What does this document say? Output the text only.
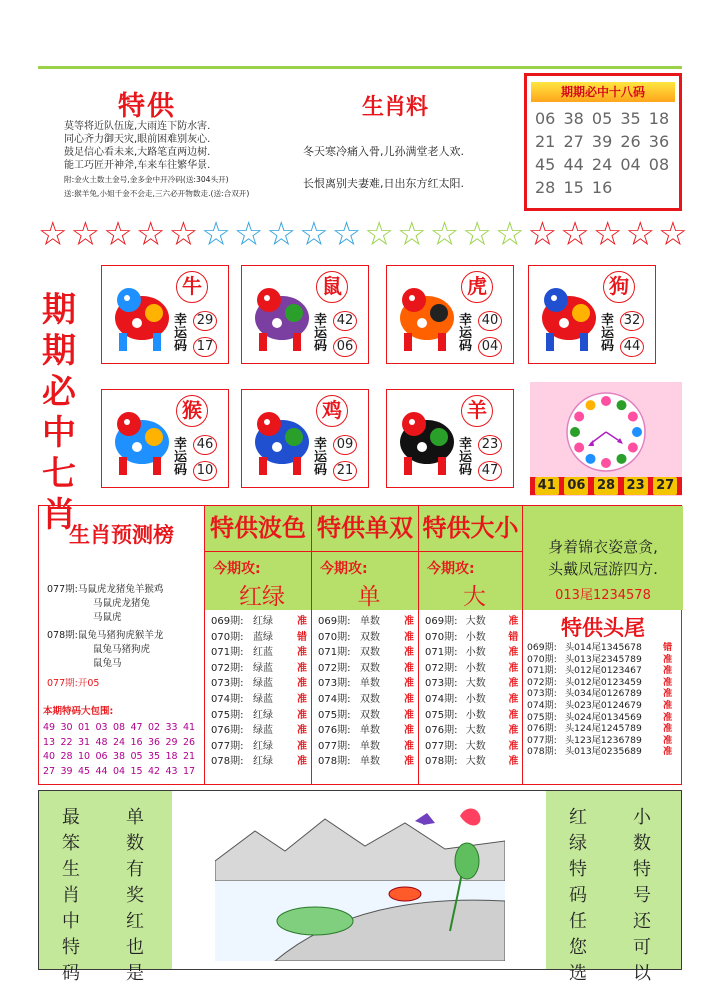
特供
莫等将近队伍庞,大雨连下防水害.
同心齐力御天灾,眼前困难别灰心.
鼓足信心看未来,大路笔直两边树.
能工巧匠开神斧,车来车往繁华景.
附:金火土数土金号,金多金中开冷码(送:304头开)
送:猴羊兔,小姐千金不会走,三六必开物数走.(送:合双开)
生肖料
冬天寒冷痛入骨,儿孙满堂老人欢.
长恨离别夫妻难,日出东方红太阳.
期期必中十八码
06 38 05 35 18
21 27 39 26 36
45 44 24 04 08
28 15 16
☆ ☆ ☆ ☆ ☆ ☆ ☆ ☆ ☆ ☆ ☆ ☆ ☆ ☆ ☆ ☆ ☆ ☆ ☆ ☆
期期必中七肖
牛
幸运码
29
17
鼠
幸运码
42
06
虎
幸运码
40
04
狗
幸运码
32
44
猴
幸运码
46
10
鸡
幸运码
09
21
羊
幸运码
23
47
41 06 28 23 27
生肖预测榜
077期:马鼠虎龙猪兔羊猴鸡
马鼠虎龙猪兔
马鼠虎
078期:鼠兔马猪狗虎猴羊龙
鼠兔马猪狗虎
鼠兔马
077期:开05
本期特码大包围:
49 30 01 03 08 47 02 33 41
13 22 31 48 24 16 36 29 26
40 28 10 06 38 05 35 18 21
27 39 45 44 04 15 42 43 17
特供波色
今期攻:
红绿
069期: 红绿	准
070期: 蓝绿	错
071期: 红蓝	准
072期: 绿蓝	准
073期: 绿蓝	准
074期: 绿蓝	准
075期: 红绿	准
076期: 绿蓝	准
077期: 红绿	准
078期: 红绿	准
特供单双
今期攻:
单
069期: 单数	准
070期: 双数	准
071期: 双数	准
072期: 双数	准
073期: 单数	准
074期: 双数	准
075期: 双数	准
076期: 单数	准
077期: 单数	准
078期: 单数	准
特供大小
今期攻:
大
069期: 大数	准
070期: 小数	错
071期: 小数	准
072期: 小数	准
073期: 大数	准
074期: 小数	准
075期: 小数	准
076期: 大数	准
077期: 大数	准
078期: 大数	准
身着锦衣姿意贪,
头戴凤冠游四方.
013尾1234578
特供头尾
069期: 头014尾1345678	错
070期: 头013尾2345789	准
071期: 头012尾0123467	准
072期: 头012尾0123459	准
073期: 头034尾0126789	准
074期: 头023尾0124679	准
075期: 头024尾0134569	准
076期: 头124尾1245789	准
077期: 头123尾1236789	准
078期: 头013尾0235689	准
最
笨
生
肖
中
特
码
单
数
有
奖
红
也
是
红
绿
特
码
任
您
选
小
数
特
号
还
可
以
